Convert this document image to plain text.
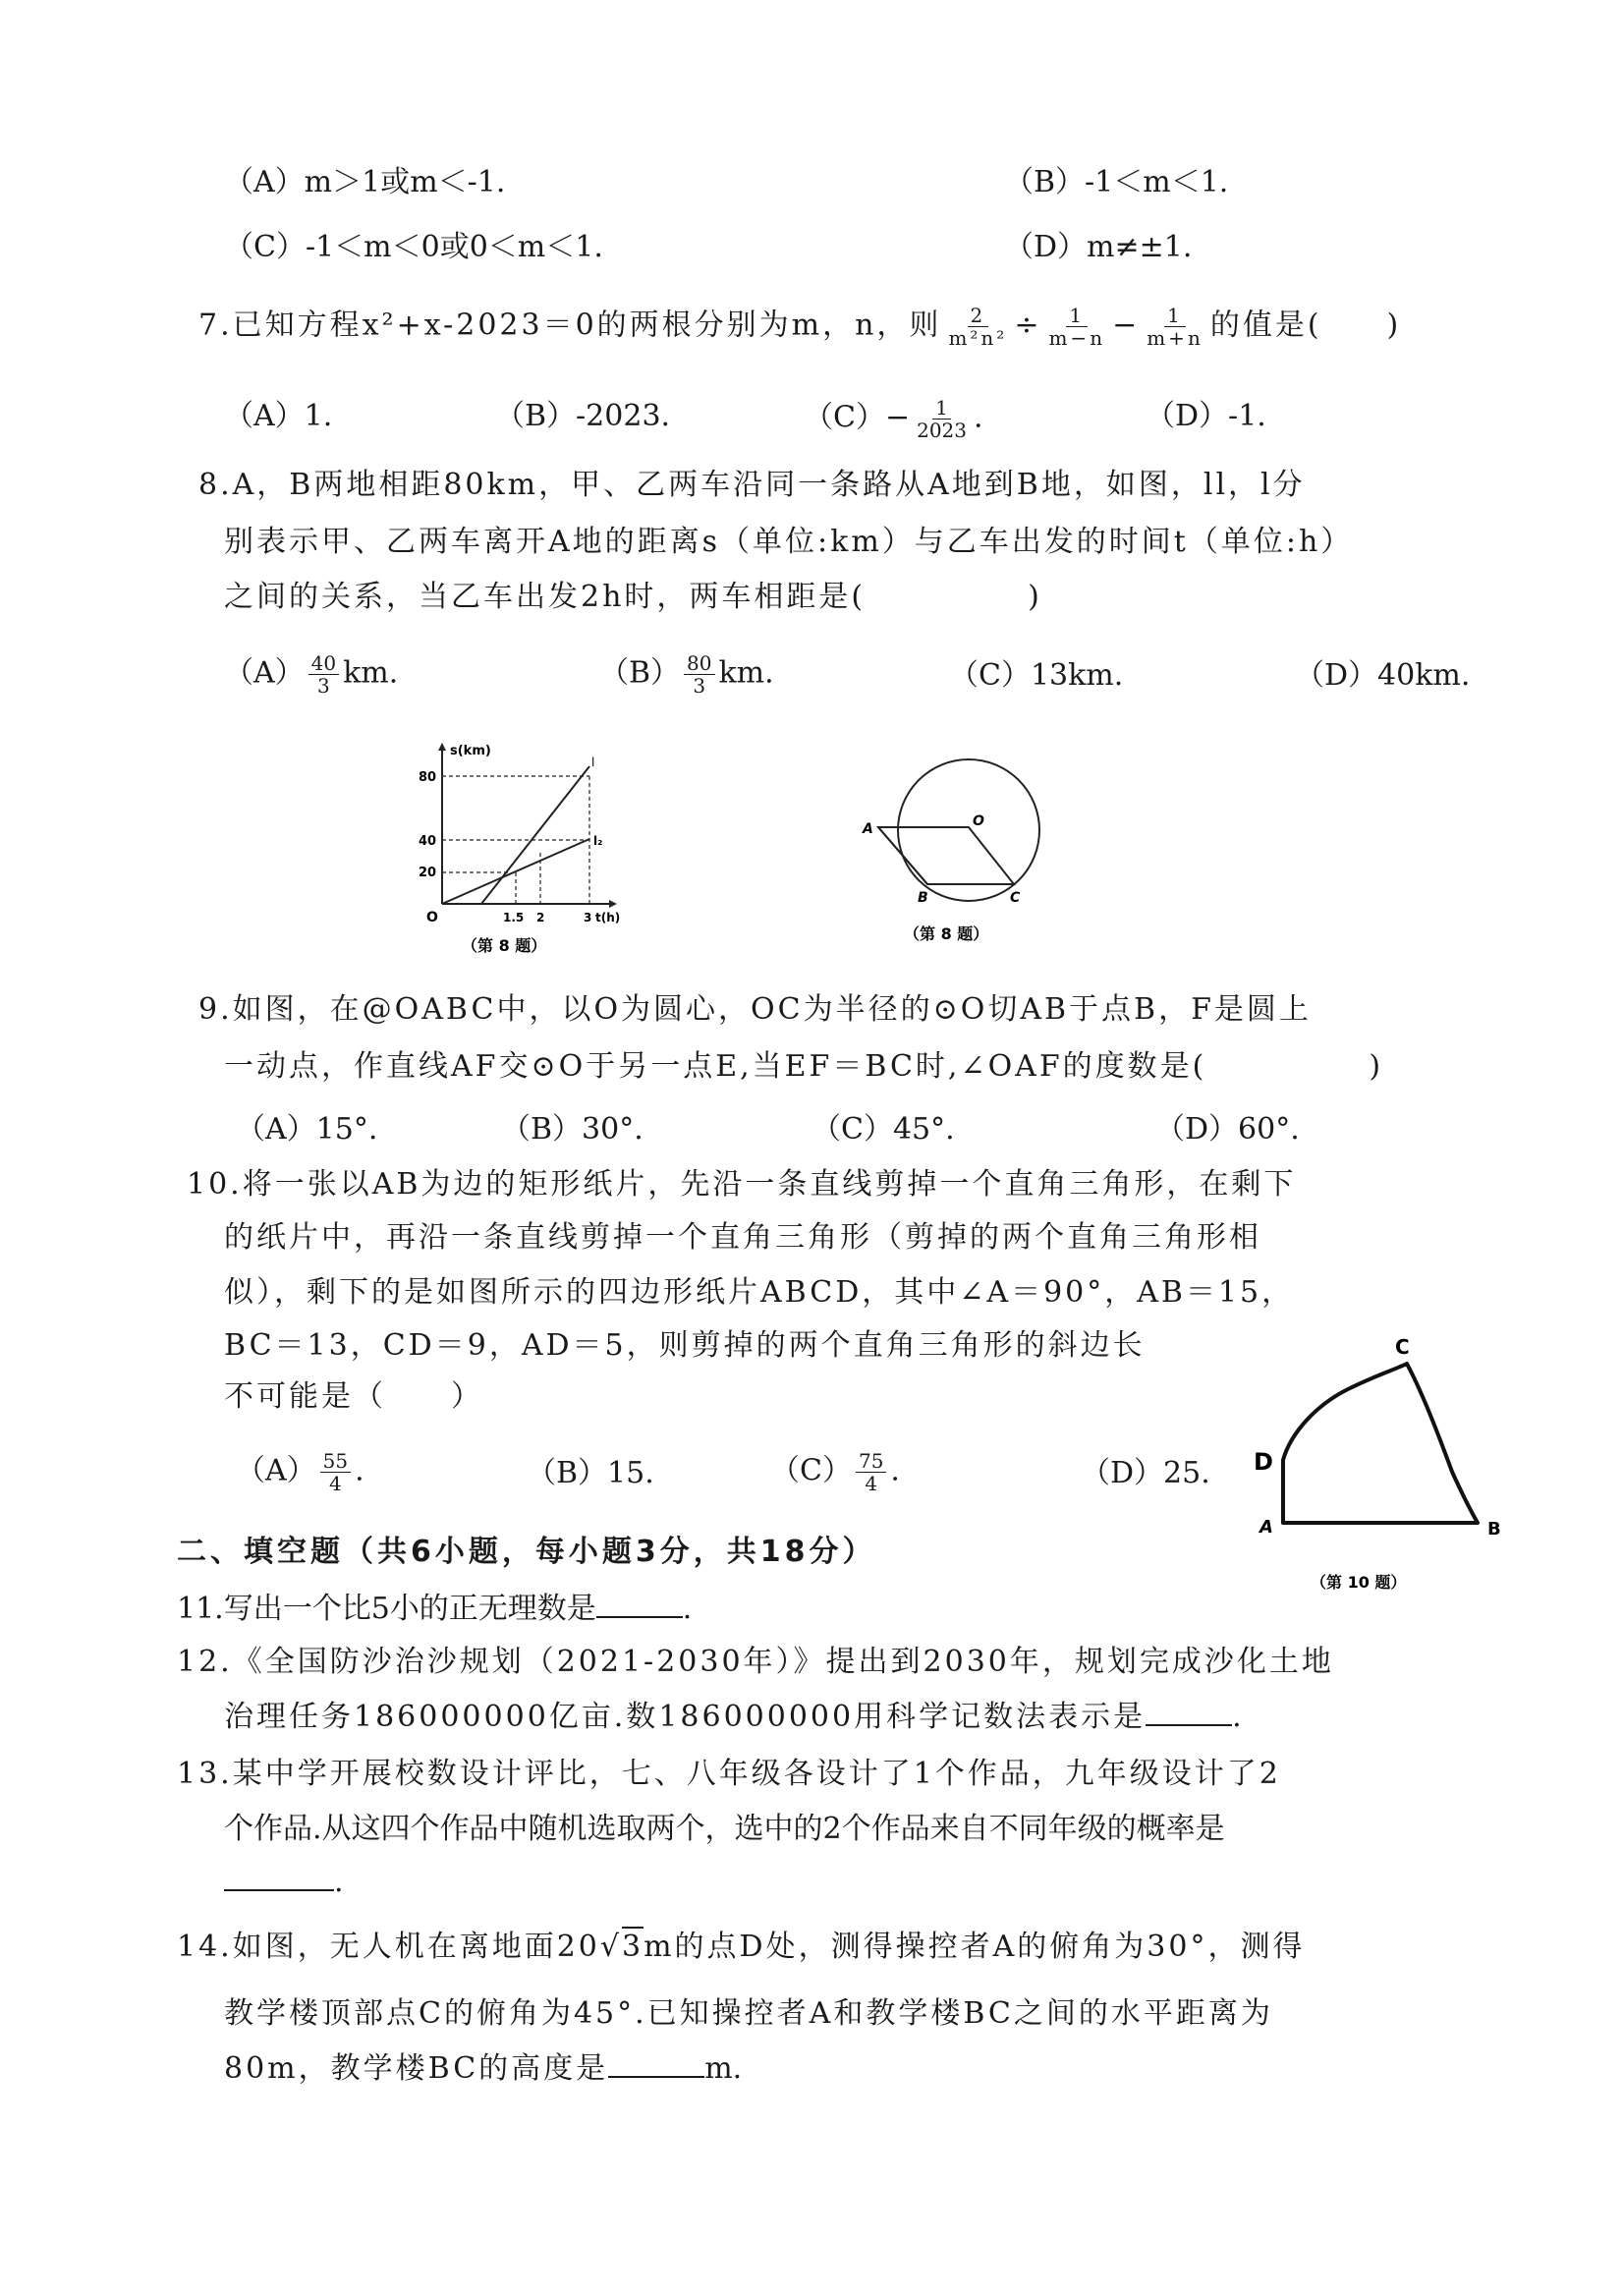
（A）m＞1或m＜-1.	（B）-1＜m＜1.
（C）-1＜m＜0或0＜m＜1.	（D）m≠±1.
7.已知方程x²+x-2023＝0的两根分别为m，n，则 $\frac{2}{\text{m²n²}} \div \frac{1}{m-n} - \frac{1}{m+n}$ 的值是(　　)
（A）1.	（B）-2023.	$(C)- \frac{1}{2023}$ .	（D）-1.
8.A，B两地相距80km，甲、乙两车沿同一条路从A地到B地，如图，ll，l分
别表示甲、乙两车离开A地的距离s（单位:km）与乙车出发的时间t（单位:h）
之间的关系，当乙车出发2h时，两车相距是(　　　　　)
$(A) \frac{40}{3}$ km.	$(B) \frac{80}{3}$ km.	（C）13km.	（D）40km.
s(km)
80
40
20
O	1.5 2	3 t(h)
l
l₂
（第 8 题）
A	O
B	C
（第 8 题）
9.如图，在@OABC中，以O为圆心，OC为半径的⊙O切AB于点B，F是圆上
一动点，作直线AF交⊙O于另一点E,当EF＝BC时,∠OAF的度数是(　　　　　)
（A）15°.	（B）30°.	（C）45°.	（D）60°.
10.将一张以AB为边的矩形纸片，先沿一条直线剪掉一个直角三角形，在剩下
的纸片中，再沿一条直线剪掉一个直角三角形（剪掉的两个直角三角形相
似），剩下的是如图所示的四边形纸片ABCD，其中∠A＝90°，AB＝15，
BC＝13，CD＝9，AD＝5，则剪掉的两个直角三角形的斜边长
不可能是（　　）
$(A) \frac{55}{4}$ .	（B）15.	$(C) \frac{75}{4}$ .	（D）25.
C
D
A	B
（第 10 题）
二、填空题（共6小题，每小题3分，共18分）
11.写出一个比5小的正无理数是	.
12.《全国防沙治沙规划（2021-2030年）》提出到2030年，规划完成沙化土地
治理任务186000000亿亩.数186000000用科学记数法表示是	.
13.某中学开展校数设计评比，七、八年级各设计了1个作品，九年级设计了2
个作品.从这四个作品中随机选取两个，选中的2个作品来自不同年级的概率是
.
14.如图，无人机在离地面20√3m的点D处，测得操控者A的俯角为30°，测得
教学楼顶部点C的俯角为45°.已知操控者A和教学楼BC之间的水平距离为
80m，教学楼BC的高度是	m.
